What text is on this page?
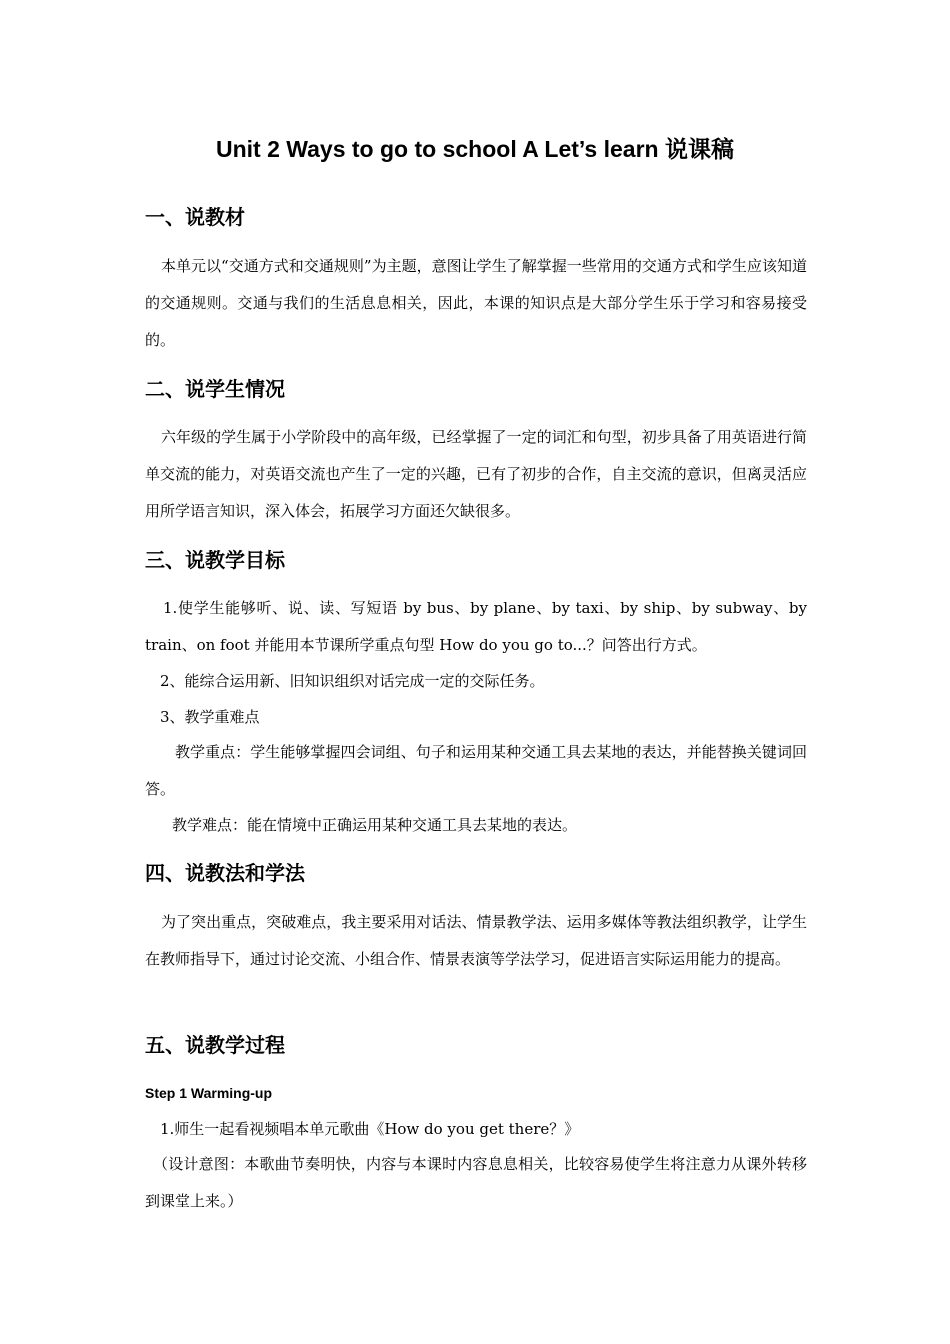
Unit 2 Ways to go to school A Let’s learn 说课稿
一、说教材
本单元以“交通方式和交通规则”为主题，意图让学生了解掌握一些常用的交通方式和学生应该知道的交通规则。交通与我们的生活息息相关，因此，本课的知识点是大部分学生乐于学习和容易接受的。
二、说学生情况
六年级的学生属于小学阶段中的高年级，已经掌握了一定的词汇和句型，初步具备了用英语进行简单交流的能力，对英语交流也产生了一定的兴趣，已有了初步的合作，自主交流的意识，但离灵活应用所学语言知识，深入体会，拓展学习方面还欠缺很多。
三、说教学目标
1.使学生能够听、说、读、写短语 by bus、by plane、by taxi、by ship、by subway、by train、on foot 并能用本节课所学重点句型 How do you go to...？问答出行方式。
2、能综合运用新、旧知识组织对话完成一定的交际任务。
3、教学重难点
教学重点：学生能够掌握四会词组、句子和运用某种交通工具去某地的表达，并能替换关键词回答。
教学难点：能在情境中正确运用某种交通工具去某地的表达。
四、说教法和学法
为了突出重点，突破难点，我主要采用对话法、情景教学法、运用多媒体等教法组织教学，让学生在教师指导下，通过讨论交流、小组合作、情景表演等学法学习，促进语言实际运用能力的提高。
五、说教学过程
Step 1 Warming-up
1.师生一起看视频唱本单元歌曲《How do you get there？》
（设计意图：本歌曲节奏明快，内容与本课时内容息息相关，比较容易使学生将注意力从课外转移到课堂上来。）
